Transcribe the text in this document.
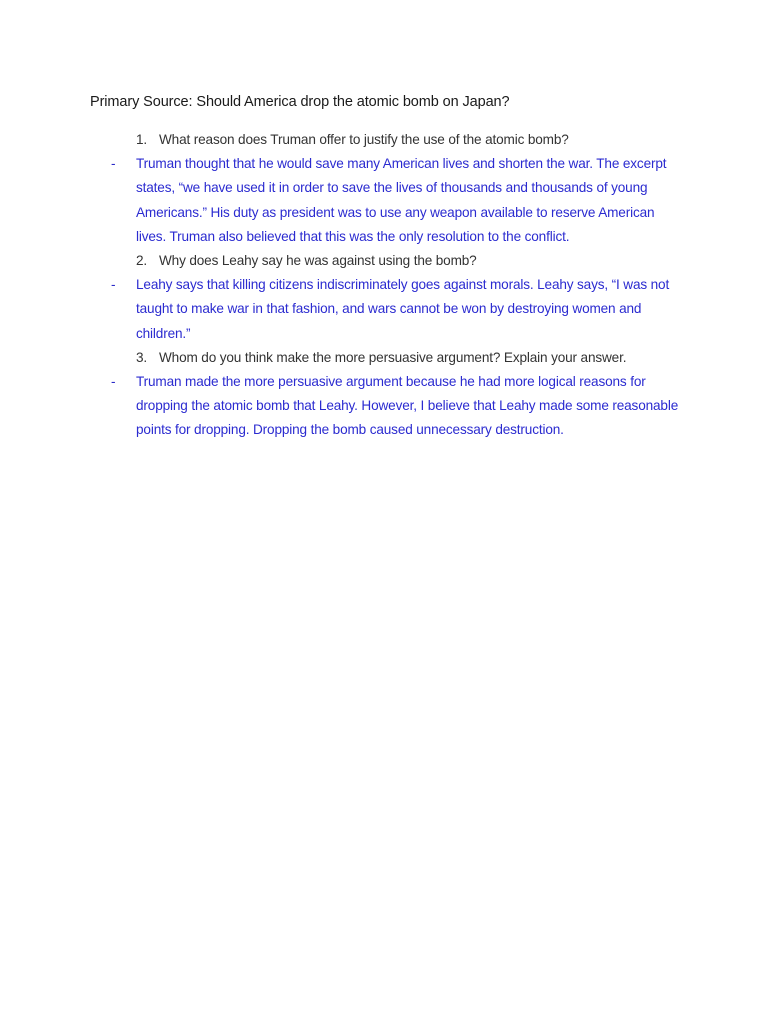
Primary Source: Should America drop the atomic bomb on Japan?
1. What reason does Truman offer to justify the use of the atomic bomb?
- Truman thought that he would save many American lives and shorten the war. The excerpt
states, “we have used it in order to save the lives of thousands and thousands of young
Americans.” His duty as president was to use any weapon available to reserve American
lives. Truman also believed that this was the only resolution to the conflict.
2. Why does Leahy say he was against using the bomb?
- Leahy says that killing citizens indiscriminately goes against morals. Leahy says, “I was not
taught to make war in that fashion, and wars cannot be won by destroying women and
children.”
3. Whom do you think make the more persuasive argument? Explain your answer.
- Truman made the more persuasive argument because he had more logical reasons for
dropping the atomic bomb that Leahy. However, I believe that Leahy made some reasonable
points for dropping. Dropping the bomb caused unnecessary destruction.
